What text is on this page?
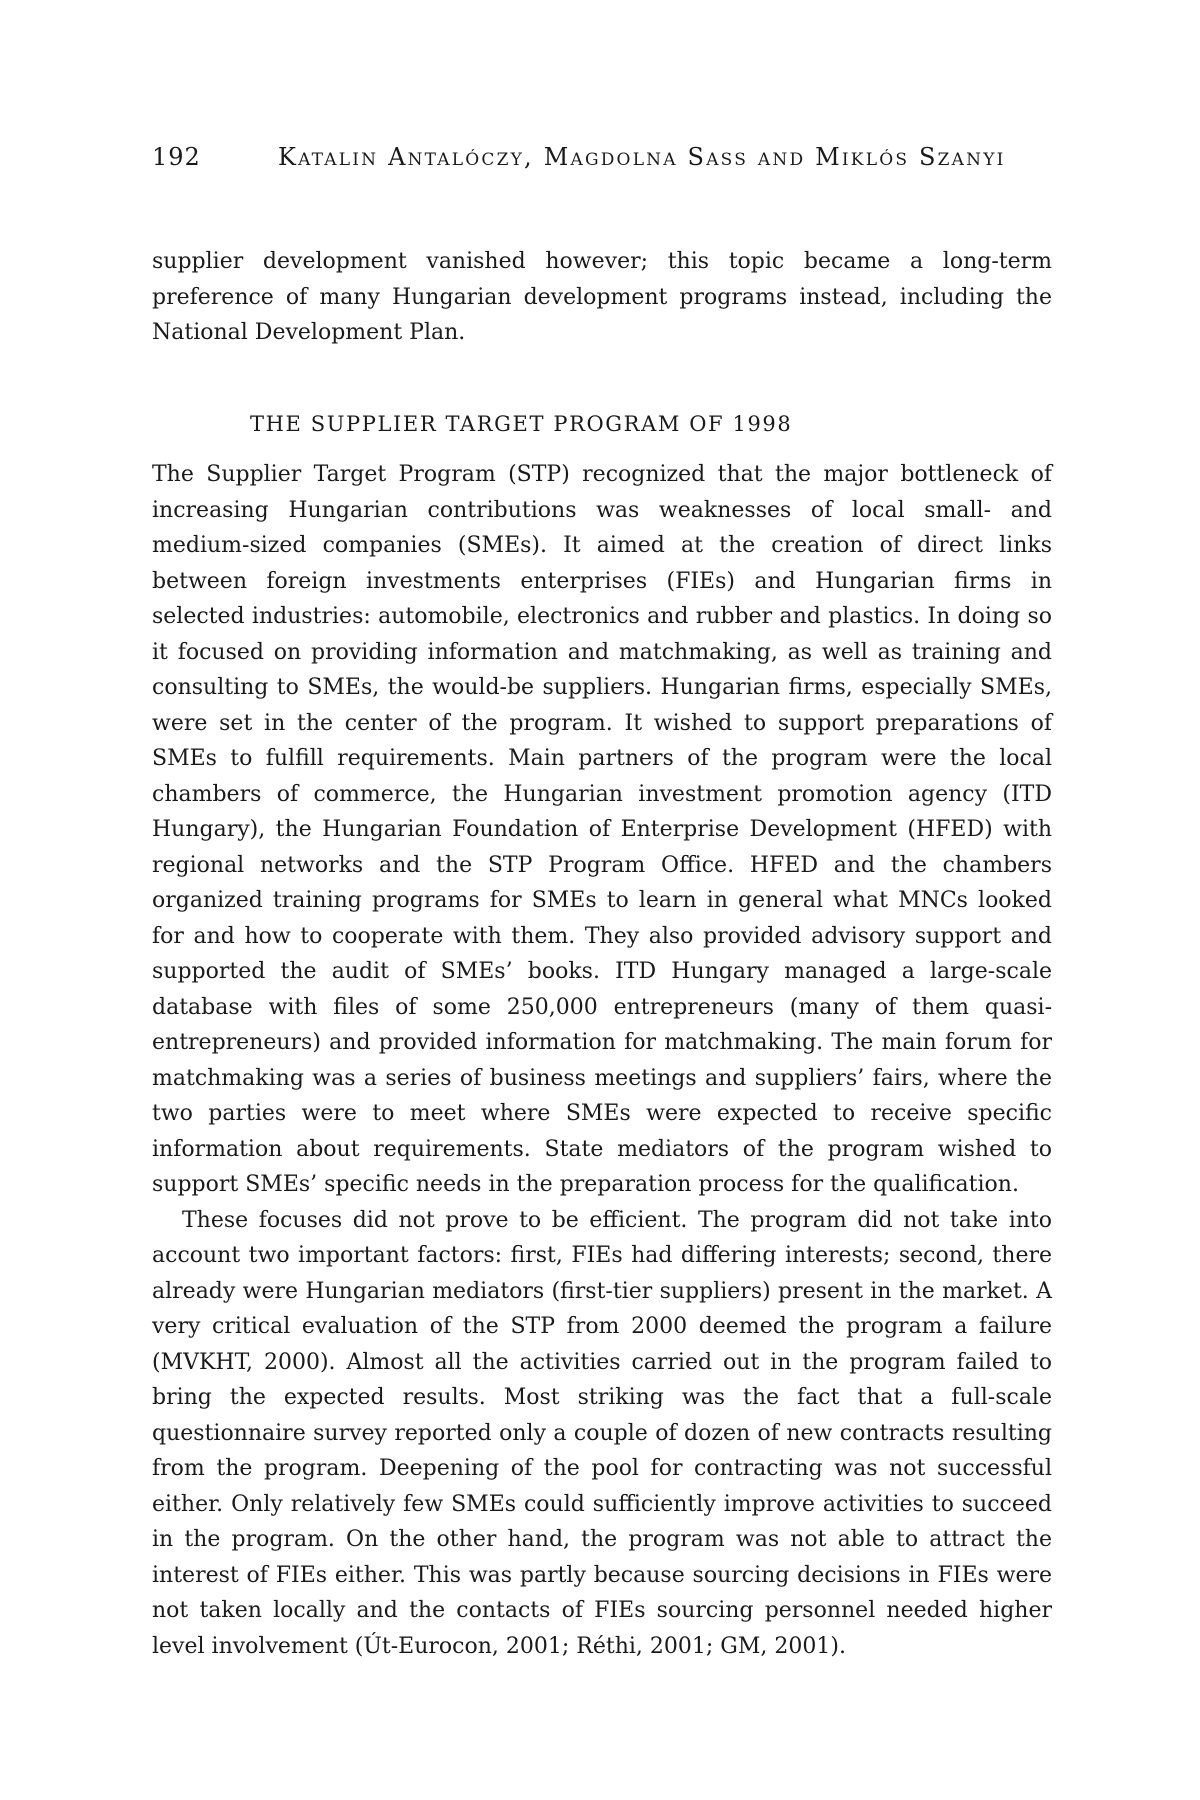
192	Katalin Antalóczy, Magdolna Sass and Miklós Szanyi

supplier development vanished however; this topic became a long-term preference of many Hungarian development programs instead, including the National Development Plan.

THE SUPPLIER TARGET PROGRAM OF 1998

The Supplier Target Program (STP) recognized that the major bottleneck of increasing Hungarian contributions was weaknesses of local small- and medium-sized companies (SMEs). It aimed at the creation of direct links between foreign investments enterprises (FIEs) and Hungarian firms in selected industries: automobile, electronics and rubber and plastics. In doing so it focused on providing information and matchmaking, as well as training and consulting to SMEs, the would-be suppliers. Hungarian firms, especially SMEs, were set in the center of the program. It wished to support preparations of SMEs to fulfill requirements. Main partners of the program were the local chambers of commerce, the Hungarian investment promotion agency (ITD Hungary), the Hungarian Foundation of Enterprise Development (HFED) with regional networks and the STP Program Office. HFED and the chambers organized training programs for SMEs to learn in general what MNCs looked for and how to cooperate with them. They also provided advisory support and supported the audit of SMEs’ books. ITD Hungary managed a large-scale database with files of some 250,000 entrepreneurs (many of them quasi-entrepreneurs) and provided information for matchmaking. The main forum for matchmaking was a series of business meetings and suppliers’ fairs, where the two parties were to meet where SMEs were expected to receive specific information about requirements. State mediators of the program wished to support SMEs’ specific needs in the preparation process for the qualification.

These focuses did not prove to be efficient. The program did not take into account two important factors: first, FIEs had differing interests; second, there already were Hungarian mediators (first-tier suppliers) present in the market. A very critical evaluation of the STP from 2000 deemed the program a failure (MVKHT, 2000). Almost all the activities carried out in the program failed to bring the expected results. Most striking was the fact that a full-scale questionnaire survey reported only a couple of dozen of new contracts resulting from the program. Deepening of the pool for contracting was not successful either. Only relatively few SMEs could sufficiently improve activities to succeed in the program. On the other hand, the program was not able to attract the interest of FIEs either. This was partly because sourcing decisions in FIEs were not taken locally and the contacts of FIEs sourcing personnel needed higher level involvement (Út-Eurocon, 2001; Réthi, 2001; GM, 2001).
